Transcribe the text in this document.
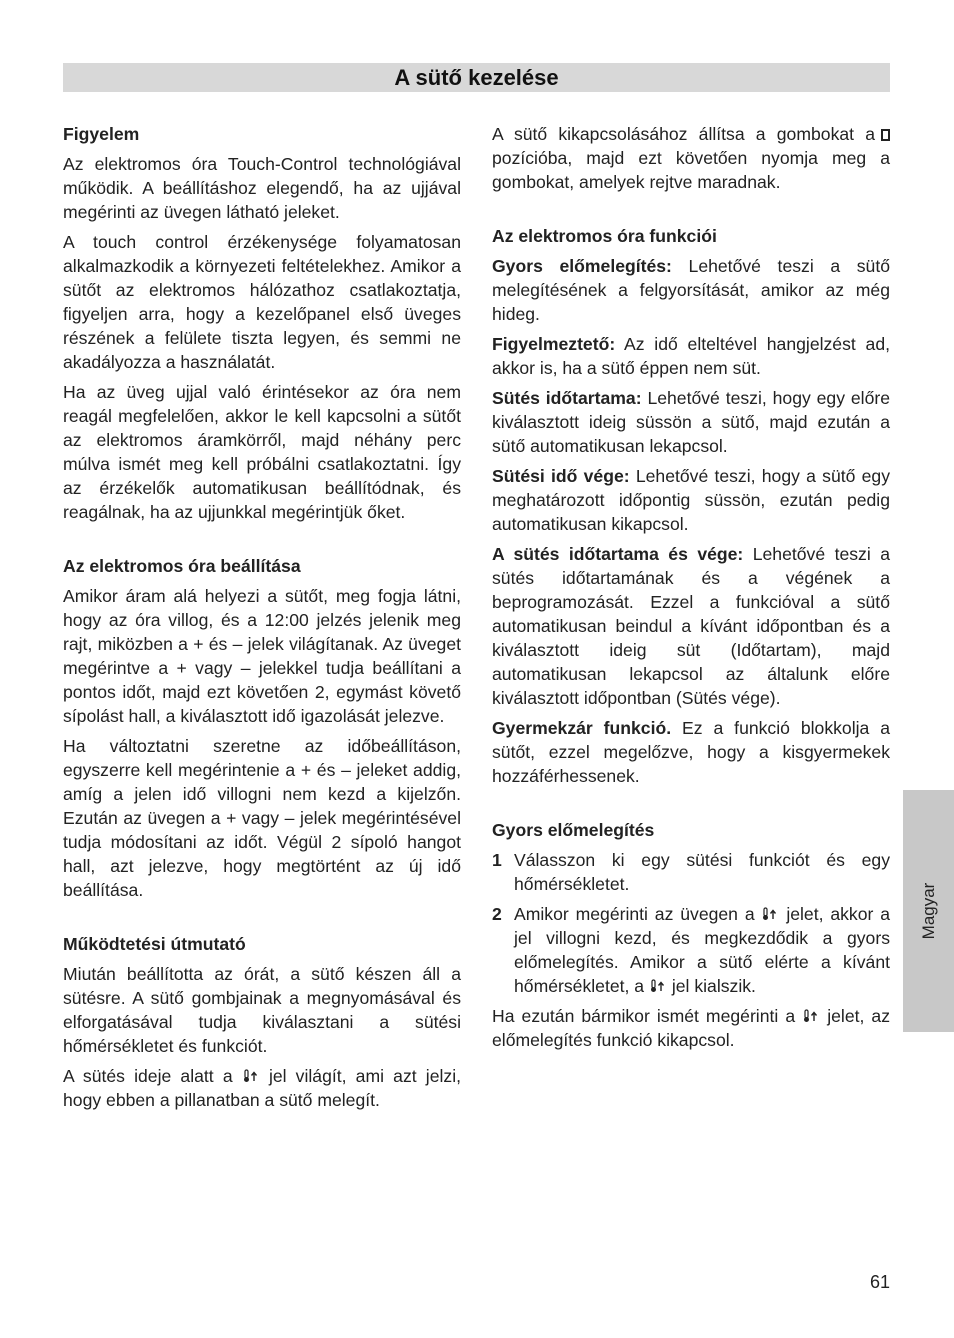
A sütő kezelése
Figyelem

Az elektromos óra Touch-Control technológiával működik. A beállításhoz elegendő, ha az ujjával megérinti az üvegen látható jeleket.

A touch control érzékenysége folyamatosan alkalmazkodik a környezeti feltételekhez. Amikor a sütőt az elektromos hálózathoz csatlakoztatja, figyeljen arra, hogy a kezelőpanel első üveges részének a felülete tiszta legyen, és semmi ne akadályozza a használatát.

Ha az üveg ujjal való érintésekor az óra nem reagál megfelelően, akkor le kell kapcsolni a sütőt az elektromos áramkörről, majd néhány perc múlva ismét meg kell próbálni csatlakoztatni. Így az érzékelők automatikusan beállítódnak, és reagálnak, ha az ujjunkkal megérintjük őket.

Az elektromos óra beállítása

Amikor áram alá helyezi a sütőt, meg fogja látni, hogy az óra villog, és a 12:00 jelzés jelenik meg rajt, miközben a + és – jelek világítanak. Az üveget megérintve a + vagy – jelekkel tudja beállítani a pontos időt, majd ezt követően 2, egymást követő sípolást hall, a kiválasztott idő igazolását jelezve.

Ha változtatni szeretne az időbeállításon, egyszerre kell megérintenie a + és – jeleket addig, amíg a jelen idő villogni nem kezd a kijelzőn. Ezután az üvegen a + vagy – jelek megérintésével tudja módosítani az időt. Végül 2 sípoló hangot hall, azt jelezve, hogy megtörtént az új idő beállítása.

Működtetési útmutató

Miután beállította az órát, a sütő készen áll a sütésre. A sütő gombjainak a megnyomásával és elforgatásával tudja kiválasztani a sütési hőmérsékletet és funkciót.

A sütés ideje alatt a jel világít, ami azt jelzi, hogy ebben a pillanatban a sütő melegít.

A sütő kikapcsolásához állítsa a gombokat a pozícióba, majd ezt követően nyomja meg a gombokat, amelyek rejtve maradnak.

Az elektromos óra funkciói

Gyors előmelegítés: Lehetővé teszi a sütő melegítésének a felgyorsítását, amikor az még hideg.

Figyelmeztető: Az idő elteltével hangjelzést ad, akkor is, ha a sütő éppen nem süt.

Sütés időtartama: Lehetővé teszi, hogy egy előre kiválasztott ideig süssön a sütő, majd ezután a sütő automatikusan lekapcsol.

Sütési idő vége: Lehetővé teszi, hogy a sütő egy meghatározott időpontig süssön, ezután pedig automatikusan kikapcsol.

A sütés időtartama és vége: Lehetővé teszi a sütés időtartamának és a végének a beprogramozását. Ezzel a funkcióval a sütő automatikusan beindul a kívánt időpontban és a kiválasztott ideig süt (Időtartam), majd automatikusan lekapcsol az általunk előre kiválasztott időpontban (Sütés vége).

Gyermekzár funkció. Ez a funkció blokkolja a sütőt, ezzel megelőzve, hogy a kisgyermekek hozzáférhessenek.

Gyors előmelegítés
1 Válasszon ki egy sütési funkciót és egy hőmérsékletet.
2 Amikor megérinti az üvegen a jelet, akkor a jel villogni kezd, és megkezdődik a gyors előmelegítés. Amikor a sütő elérte a kívánt hőmérsékletet, a jel kialszik.

Ha ezután bármikor ismét megérinti a jelet, az előmelegítés funkció kikapcsol.

Magyar
61
